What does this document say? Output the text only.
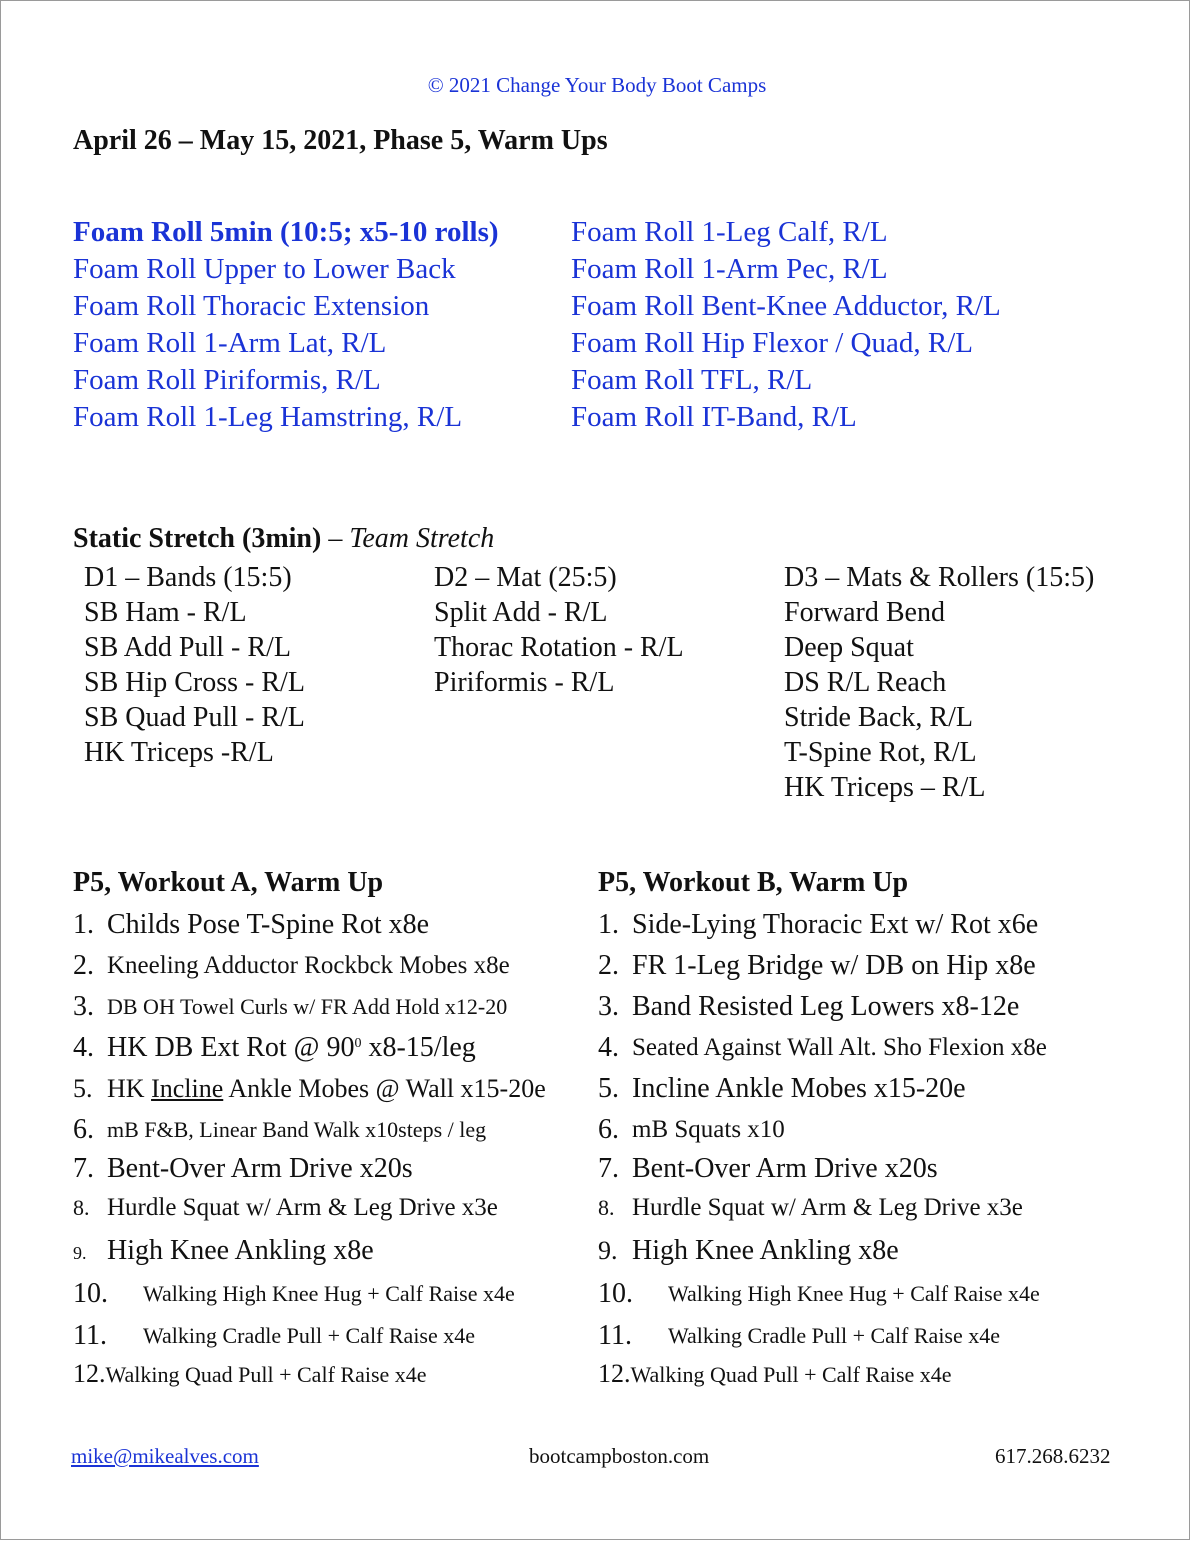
© 2021 Change Your Body Boot Camps
April 26 – May 15, 2021, Phase 5, Warm Ups
Foam Roll 5min (10:5; x5-10 rolls)
Foam Roll Upper to Lower Back
Foam Roll Thoracic Extension
Foam Roll 1-Arm Lat, R/L
Foam Roll Piriformis, R/L
Foam Roll 1-Leg Hamstring, R/L
Foam Roll 1-Leg Calf, R/L
Foam Roll 1-Arm Pec, R/L
Foam Roll Bent-Knee Adductor, R/L
Foam Roll Hip Flexor / Quad, R/L
Foam Roll TFL, R/L
Foam Roll IT-Band, R/L
Static Stretch (3min) – Team Stretch
D1 – Bands (15:5)
SB Ham - R/L
SB Add Pull - R/L
SB Hip Cross - R/L
SB Quad Pull - R/L
HK Triceps -R/L
D2 – Mat (25:5)
Split Add - R/L
Thorac Rotation - R/L
Piriformis - R/L
D3 – Mats & Rollers (15:5)
Forward Bend
Deep Squat
DS R/L Reach
Stride Back, R/L
T-Spine Rot, R/L
HK Triceps – R/L
P5, Workout A, Warm Up
1. Childs Pose T-Spine Rot x8e
2. Kneeling Adductor Rockbck Mobes x8e
3. DB OH Towel Curls w/ FR Add Hold x12-20
4. HK DB Ext Rot @ $90^0$ x8-15/leg
5. HK Incline Ankle Mobes @ Wall x15-20e
6. mB F&B, Linear Band Walk x10steps / leg
7. Bent-Over Arm Drive x20s
8. Hurdle Squat w/ Arm & Leg Drive x3e
9. High Knee Ankling x8e
10. Walking High Knee Hug + Calf Raise x4e
11. Walking Cradle Pull + Calf Raise x4e
12.Walking Quad Pull + Calf Raise x4e
P5, Workout B, Warm Up
1. Side-Lying Thoracic Ext w/ Rot x6e
2. FR 1-Leg Bridge w/ DB on Hip x8e
3. Band Resisted Leg Lowers x8-12e
4. Seated Against Wall Alt. Sho Flexion x8e
5. Incline Ankle Mobes x15-20e
6. mB Squats x10
7. Bent-Over Arm Drive x20s
8. Hurdle Squat w/ Arm & Leg Drive x3e
9. High Knee Ankling x8e
10. Walking High Knee Hug + Calf Raise x4e
11. Walking Cradle Pull + Calf Raise x4e
12.Walking Quad Pull + Calf Raise x4e
mike@mikealves.com	bootcampboston.com	617.268.6232
